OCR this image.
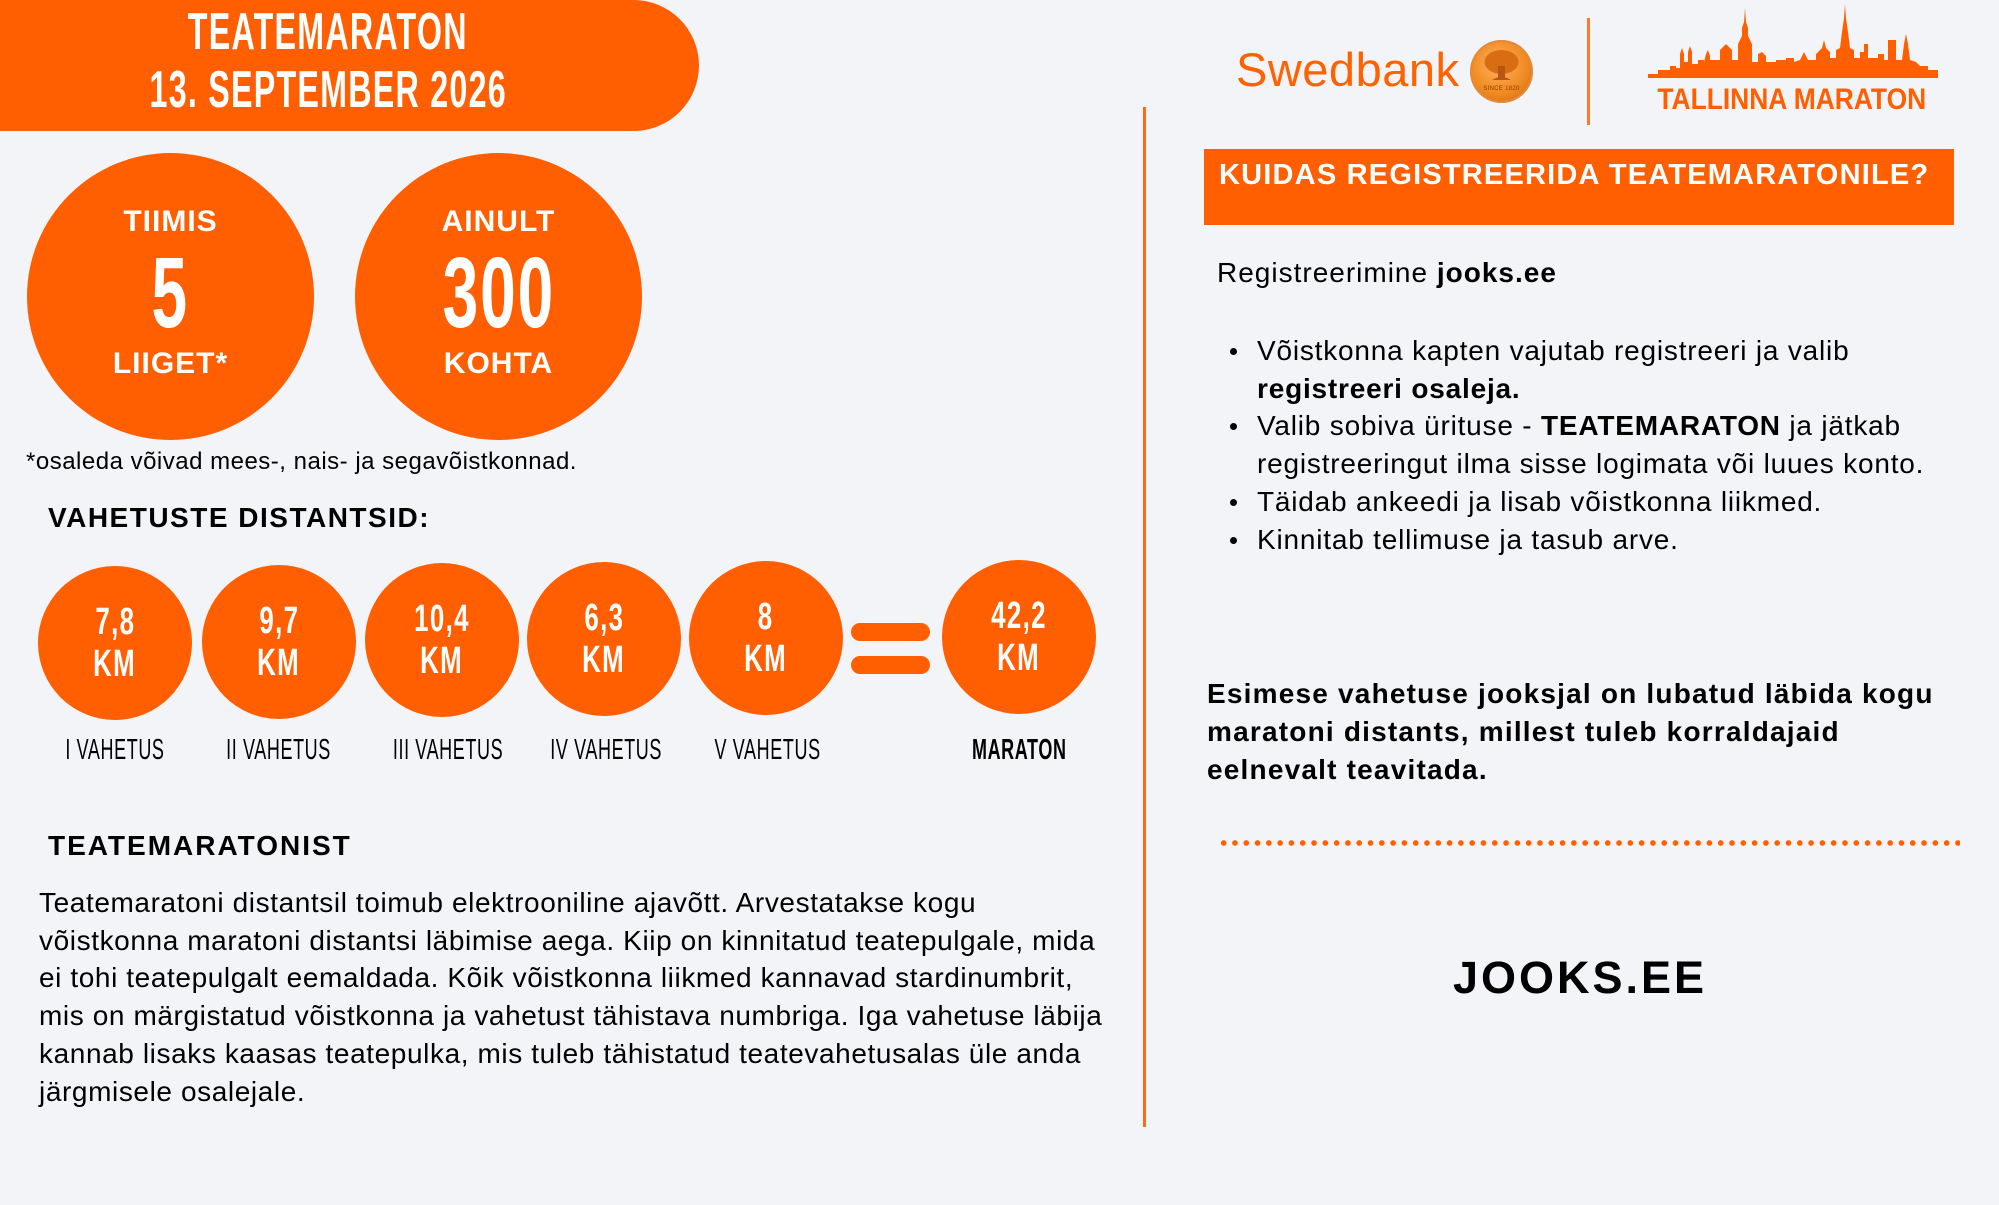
TEATEMARATON
13. SEPTEMBER 2026
TIIMIS
5
LIIGET*
AINULT
300
KOHTA
*osaleda võivad mees-, nais- ja segavõistkonnad.
VAHETUSTE DISTANTSID:
7,8
KM
9,7
KM
10,4
KM
6,3
KM
8
KM
42,2
KM
I VAHETUS	II VAHETUS	III VAHETUS	IV VAHETUS	V VAHETUS	MARATON
TEATEMARATONIST
Teatemaratoni distantsil toimub elektrooniline ajavõtt. Arvestatakse kogu võistkonna maratoni distantsi läbimise aega. Kiip on kinnitatud teatepulgale, mida ei tohi teatepulgalt eemaldada. Kõik võistkonna liikmed kannavad stardinumbrit, mis on märgistatud võistkonna ja vahetust tähistava numbriga. Iga vahetuse läbija kannab lisaks kaasas teatepulka, mis tuleb tähistatud teatevahetusalas üle anda järgmisele osalejale.
Swedbank	SINCE 1820	TALLINNA MARATON
KUIDAS REGISTREERIDA TEATEMARATONILE?
Registreerimine jooks.ee
Võistkonna kapten vajutab registreeri ja valib registreeri osaleja.
Valib sobiva ürituse - TEATEMARATON ja jätkab registreeringut ilma sisse logimata või luues konto.
Täidab ankeedi ja lisab võistkonna liikmed.
Kinnitab tellimuse ja tasub arve.
Esimese vahetuse jooksjal on lubatud läbida kogu maratoni distants, millest tuleb korraldajaid eelnevalt teavitada.
JOOKS.EE
